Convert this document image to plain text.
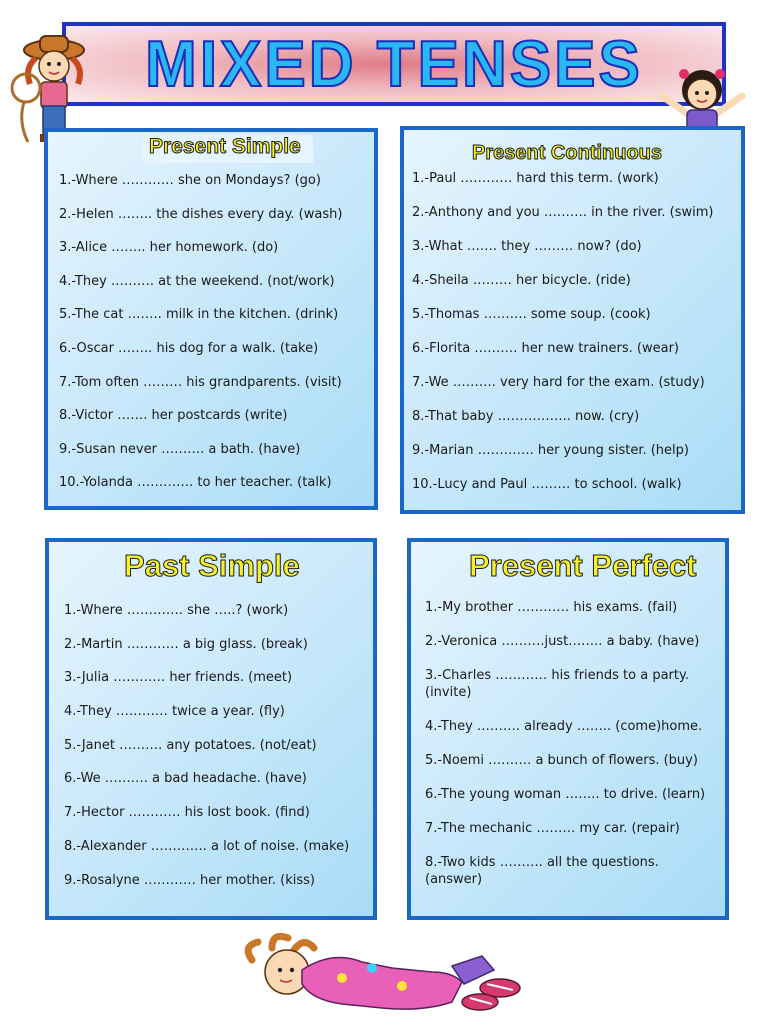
MIXED TENSES
Present Simple
1.-Where ………… she on Mondays? (go)
2.-Helen …….. the dishes every day. (wash)
3.-Alice …….. her homework. (do)
4.-They ………. at the weekend. (not/work)
5.-The cat …….. milk in the kitchen. (drink)
6.-Oscar …….. his dog for a walk. (take)
7.-Tom often ……… his grandparents. (visit)
8.-Victor ……. her postcards (write)
9.-Susan never ………. a bath. (have)
10.-Yolanda …………. to her teacher. (talk)
Present Continuous
1.-Paul ………… hard this term. (work)
2.-Anthony and you ………. in the river. (swim)
3.-What ……. they ……… now? (do)
4.-Sheila ……… her bicycle. (ride)
5.-Thomas ………. some soup. (cook)
6.-Florita ………. her new trainers. (wear)
7.-We ………. very hard for the exam. (study)
8.-That baby …………….. now. (cry)
9.-Marian …………. her young sister. (help)
10.-Lucy and Paul ……… to school. (walk)
Past Simple
1.-Where …………. she …..? (work)
2.-Martin ………… a big glass. (break)
3.-Julia ………… her friends. (meet)
4.-They ………… twice a year. (fly)
5.-Janet ………. any potatoes. (not/eat)
6.-We ………. a bad headache. (have)
7.-Hector ………… his lost book. (find)
8.-Alexander …………. a lot of noise. (make)
9.-Rosalyne ………… her mother. (kiss)
Present Perfect
1.-My brother ………… his exams. (fail)
2.-Veronica ……….just…….. a baby. (have)
3.-Charles ………… his friends to a party. (invite)
4.-They ………. already …….. (come)home.
5.-Noemi ………. a bunch of flowers. (buy)
6.-The young woman …….. to drive. (learn)
7.-The mechanic ……… my car. (repair)
8.-Two kids ………. all the questions. (answer)
